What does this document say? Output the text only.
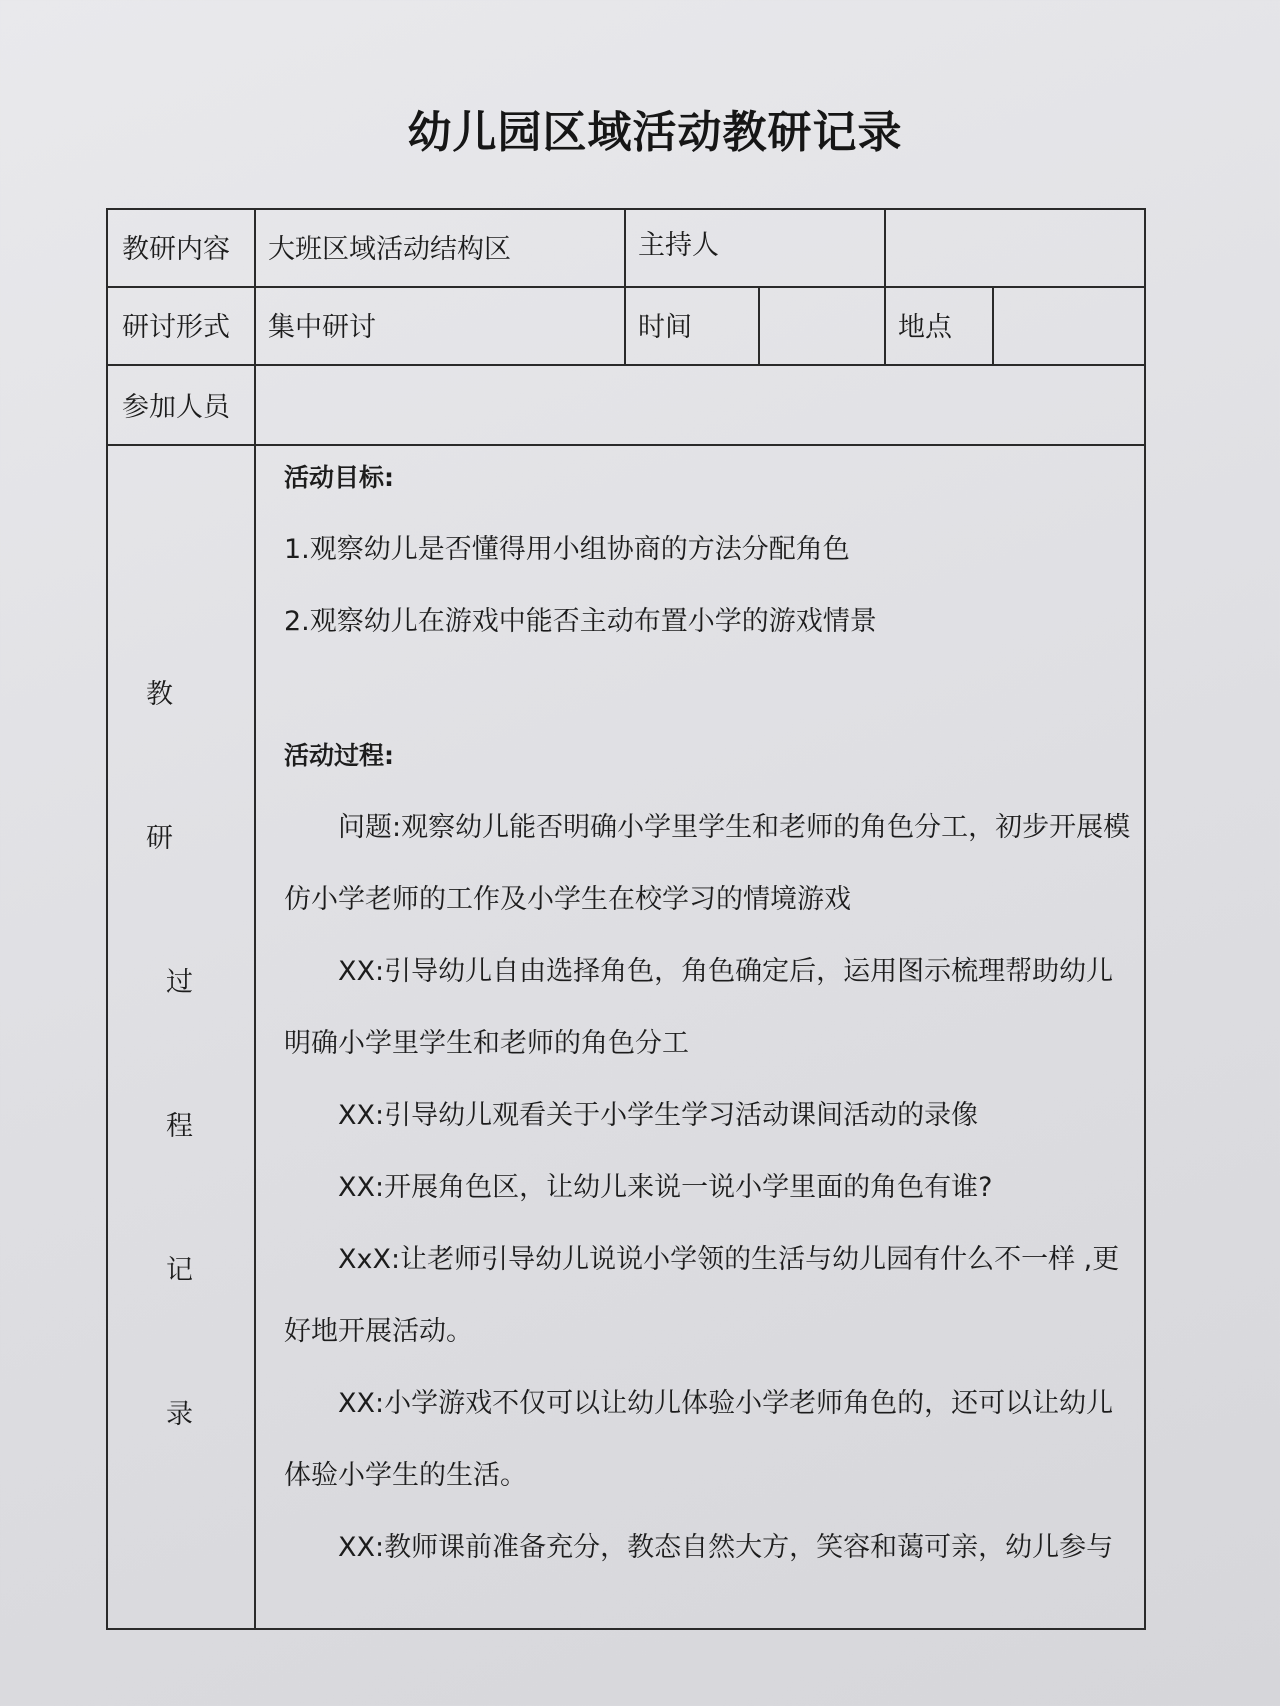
幼儿园区域活动教研记录
教研内容 大班区域活动结构区	主持人
研讨形式 集中研讨	时间	地点
参加人员
教
研
过
程
记
录
活动目标:
1.观察幼儿是否懂得用小组协商的方法分配角色
2.观察幼儿在游戏中能否主动布置小学的游戏情景
活动过程:
问题:观察幼儿能否明确小学里学生和老师的角色分工，初步开展模仿小学老师的工作及小学生在校学习的情境游戏
XX:引导幼儿自由选择角色，角色确定后，运用图示梳理帮助幼儿明确小学里学生和老师的角色分工
XX:引导幼儿观看关于小学生学习活动课间活动的录像
XX:开展角色区，让幼儿来说一说小学里面的角色有谁?
XxX:让老师引导幼儿说说小学领的生活与幼儿园有什么不一样 ,更好地开展活动。
XX:小学游戏不仅可以让幼儿体验小学老师角色的，还可以让幼儿体验小学生的生活。
XX:教师课前准备充分，教态自然大方，笑容和蔼可亲，幼儿参与
